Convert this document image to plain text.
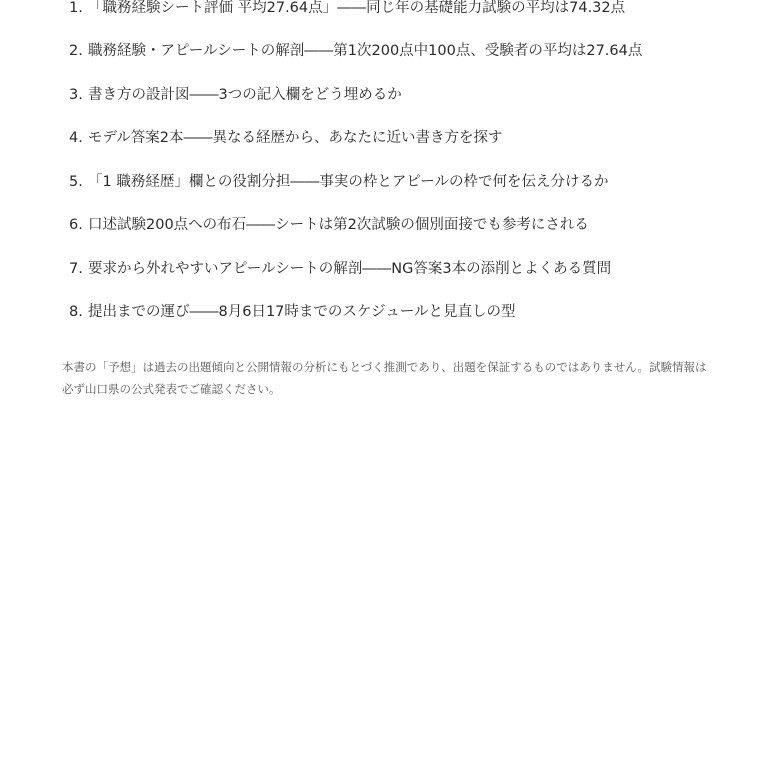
1. 「職務経験シート評価 平均27.64点」――同じ年の基礎能力試験の平均は74.32点
2. 職務経験・アピールシートの解剖――第1次200点中100点、受験者の平均は27.64点
3. 書き方の設計図――3つの記入欄をどう埋めるか
4. モデル答案2本――異なる経歴から、あなたに近い書き方を探す
5. 「1 職務経歴」欄との役割分担――事実の枠とアピールの枠で何を伝え分けるか
6. 口述試験200点への布石――シートは第2次試験の個別面接でも参考にされる
7. 要求から外れやすいアピールシートの解剖――NG答案3本の添削とよくある質問
8. 提出までの運び――8月6日17時までのスケジュールと見直しの型

本書の「予想」は過去の出題傾向と公開情報の分析にもとづく推測であり、出題を保証するものではありません。試験情報は必ず山口県の公式発表でご確認ください。
